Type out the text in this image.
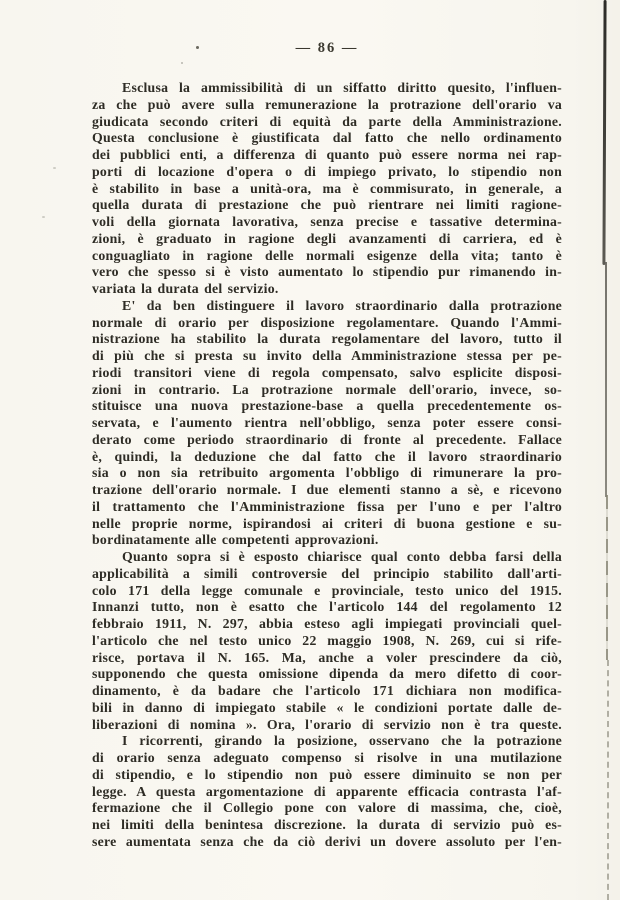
— 86 —
Esclusa la ammissibilità di un siffatto diritto quesito, l'influen-
za che può avere sulla remunerazione la protrazione dell'orario va
giudicata secondo criteri di equità da parte della Amministrazione.
Questa conclusione è giustificata dal fatto che nello ordinamento
dei pubblici enti, a differenza di quanto può essere norma nei rap-
porti di locazione d'opera o di impiego privato, lo stipendio non
è stabilito in base a unità-ora, ma è commisurato, in generale, a
quella durata di prestazione che può rientrare nei limiti ragione-
voli della giornata lavorativa, senza precise e tassative determina-
zioni, è graduato in ragione degli avanzamenti di carriera, ed è
conguagliato in ragione delle normali esigenze della vita; tanto è
vero che spesso si è visto aumentato lo stipendio pur rimanendo in-
variata la durata del servizio.
E' da ben distinguere il lavoro straordinario dalla protrazione
normale di orario per disposizione regolamentare. Quando l'Ammi-
nistrazione ha stabilito la durata regolamentare del lavoro, tutto il
di più che si presta su invito della Amministrazione stessa per pe-
riodi transitori viene di regola compensato, salvo esplicite disposi-
zioni in contrario. La protrazione normale dell'orario, invece, so-
stituisce una nuova prestazione-base a quella precedentemente os-
servata, e l'aumento rientra nell'obbligo, senza poter essere consi-
derato come periodo straordinario di fronte al precedente. Fallace
è, quindi, la deduzione che dal fatto che il lavoro straordinario
sia o non sia retribuito argomenta l'obbligo di rimunerare la pro-
trazione dell'orario normale. I due elementi stanno a sè, e ricevono
il trattamento che l'Amministrazione fissa per l'uno e per l'altro
nelle proprie norme, ispirandosi ai criteri di buona gestione e su-
bordinatamente alle competenti approvazioni.
Quanto sopra si è esposto chiarisce qual conto debba farsi della
applicabilità a simili controversie del principio stabilito dall'arti-
colo 171 della legge comunale e provinciale, testo unico del 1915.
Innanzi tutto, non è esatto che l'articolo 144 del regolamento 12
febbraio 1911, N. 297, abbia esteso agli impiegati provinciali quel-
l'articolo che nel testo unico 22 maggio 1908, N. 269, cui si rife-
risce, portava il N. 165. Ma, anche a voler prescindere da ciò,
supponendo che questa omissione dipenda da mero difetto di coor-
dinamento, è da badare che l'articolo 171 dichiara non modifica-
bili in danno di impiegato stabile « le condizioni portate dalle de-
liberazioni di nomina ». Ora, l'orario di servizio non è tra queste.
I ricorrenti, girando la posizione, osservano che la potrazione
di orario senza adeguato compenso si risolve in una mutilazione
di stipendio, e lo stipendio non può essere diminuito se non per
legge. A questa argomentazione di apparente efficacia contrasta l'af-
fermazione che il Collegio pone con valore di massima, che, cioè,
nei limiti della benintesa discrezione. la durata di servizio può es-
sere aumentata senza che da ciò derivi un dovere assoluto per l'en-
